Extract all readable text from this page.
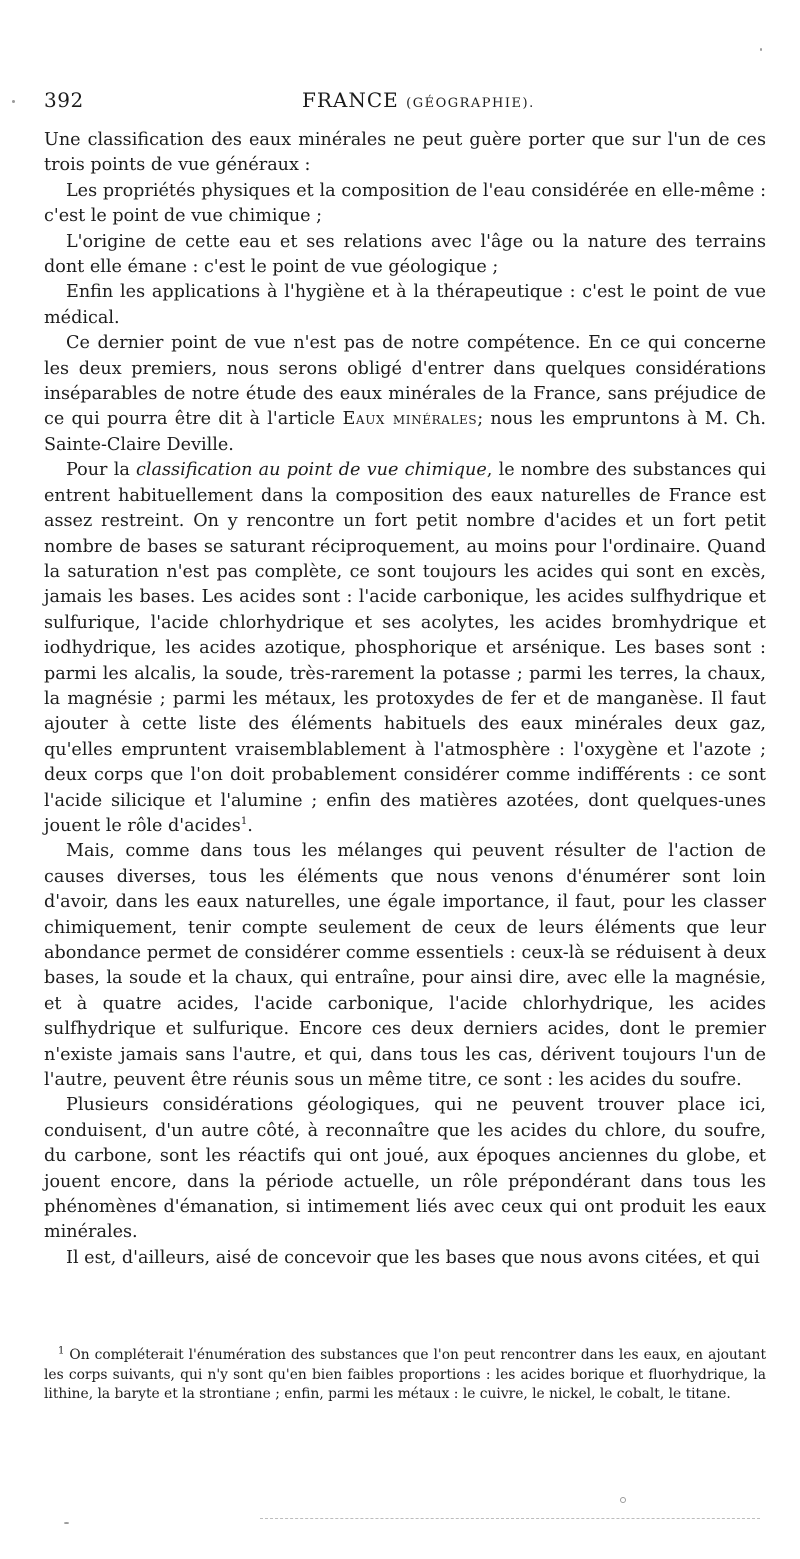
392	FRANCE (GÉOGRAPHIE).

Une classification des eaux minérales ne peut guère porter que sur l'un de ces trois points de vue généraux :

Les propriétés physiques et la composition de l'eau considérée en elle-même : c'est le point de vue chimique ;

L'origine de cette eau et ses relations avec l'âge ou la nature des terrains dont elle émane : c'est le point de vue géologique ;

Enfin les applications à l'hygiène et à la thérapeutique : c'est le point de vue médical.

Ce dernier point de vue n'est pas de notre compétence. En ce qui concerne les deux premiers, nous serons obligé d'entrer dans quelques considérations inséparables de notre étude des eaux minérales de la France, sans préjudice de ce qui pourra être dit à l'article Eaux minérales; nous les empruntons à M. Ch. Sainte-Claire Deville.

Pour la classification au point de vue chimique, le nombre des substances qui entrent habituellement dans la composition des eaux naturelles de France est assez restreint. On y rencontre un fort petit nombre d'acides et un fort petit nombre de bases se saturant réciproquement, au moins pour l'ordinaire. Quand la saturation n'est pas complète, ce sont toujours les acides qui sont en excès, jamais les bases. Les acides sont : l'acide carbonique, les acides sulfhydrique et sulfurique, l'acide chlorhydrique et ses acolytes, les acides bromhydrique et iodhydrique, les acides azotique, phosphorique et arsénique. Les bases sont : parmi les alcalis, la soude, très-rarement la potasse ; parmi les terres, la chaux, la magnésie ; parmi les métaux, les protoxydes de fer et de manganèse. Il faut ajouter à cette liste des éléments habituels des eaux minérales deux gaz, qu'elles empruntent vraisemblablement à l'atmosphère : l'oxygène et l'azote ; deux corps que l'on doit probablement considérer comme indifférents : ce sont l'acide silicique et l'alumine ; enfin des matières azotées, dont quelques-unes jouent le rôle d'acides$^1$.

Mais, comme dans tous les mélanges qui peuvent résulter de l'action de causes diverses, tous les éléments que nous venons d'énumérer sont loin d'avoir, dans les eaux naturelles, une égale importance, il faut, pour les classer chimiquement, tenir compte seulement de ceux de leurs éléments que leur abondance permet de considérer comme essentiels : ceux-là se réduisent à deux bases, la soude et la chaux, qui entraîne, pour ainsi dire, avec elle la magnésie, et à quatre acides, l'acide carbonique, l'acide chlorhydrique, les acides sulfhydrique et sulfurique. Encore ces deux derniers acides, dont le premier n'existe jamais sans l'autre, et qui, dans tous les cas, dérivent toujours l'un de l'autre, peuvent être réunis sous un même titre, ce sont : les acides du soufre.

Plusieurs considérations géologiques, qui ne peuvent trouver place ici, conduisent, d'un autre côté, à reconnaître que les acides du chlore, du soufre, du carbone, sont les réactifs qui ont joué, aux époques anciennes du globe, et jouent encore, dans la période actuelle, un rôle prépondérant dans tous les phénomènes d'émanation, si intimement liés avec ceux qui ont produit les eaux minérales.

Il est, d'ailleurs, aisé de concevoir que les bases que nous avons citées, et qui

$^1$ On compléterait l'énumération des substances que l'on peut rencontrer dans les eaux, en ajoutant les corps suivants, qui n'y sont qu'en bien faibles proportions : les acides borique et fluorhydrique, la lithine, la baryte et la strontiane ; enfin, parmi les métaux : le cuivre, le nickel, le cobalt, le titane.
